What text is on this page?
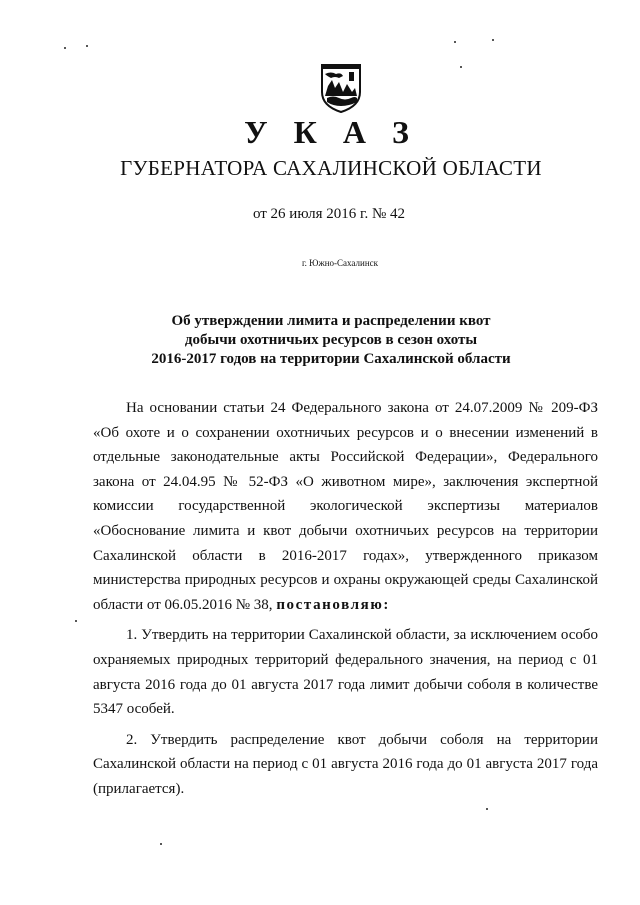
У К А З
ГУБЕРНАТОРА САХАЛИНСКОЙ ОБЛАСТИ
от 26 июля 2016 г. № 42
г. Южно-Сахалинск
Об утверждении лимита и распределении квот
добычи охотничьих ресурсов в сезон охоты
2016-2017 годов на территории Сахалинской области

На основании статьи 24 Федерального закона от 24.07.2009 № 209-ФЗ «Об охоте и о сохранении охотничьих ресурсов и о внесении изменений в отдельные законодательные акты Российской Федерации», Федерального закона от 24.04.95 № 52-ФЗ «О животном мире», заключения экспертной комиссии государственной экологической экспертизы материалов «Обоснование лимита и квот добычи охотничьих ресурсов на территории Сахалинской области в 2016-2017 годах», утвержденного приказом министерства природных ресурсов и охраны окружающей среды Сахалинской области от 06.05.2016 № 38, постановляю:

1. Утвердить на территории Сахалинской области, за исключением особо охраняемых природных территорий федерального значения, на период с 01 августа 2016 года до 01 августа 2017 года лимит добычи соболя в количестве 5347 особей.

2. Утвердить распределение квот добычи соболя на территории Сахалинской области на период с 01 августа 2016 года до 01 августа 2017 года (прилагается).
